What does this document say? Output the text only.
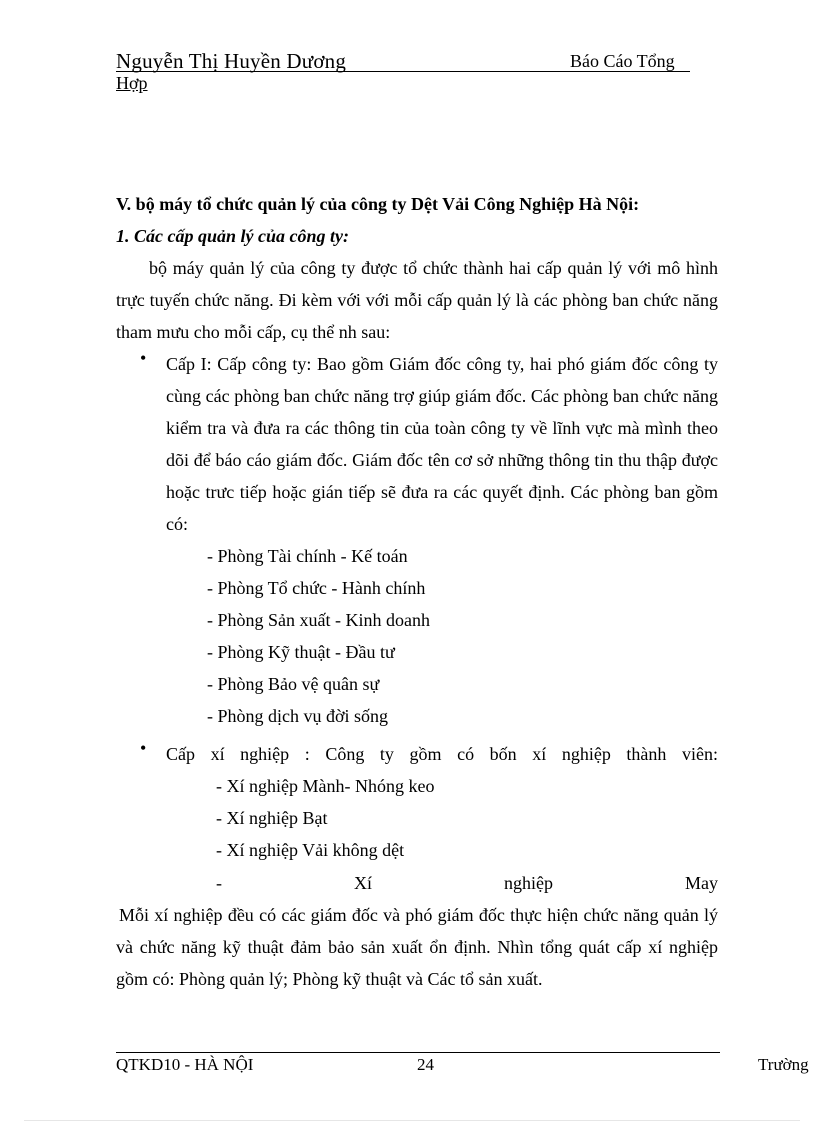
Nguyễn Thị Huyền Dương	Báo Cáo Tổng
Hợp
V. bộ máy tổ chức quản lý của công ty Dệt Vải Công Nghiệp Hà Nội:
1. Các cấp quản lý của công ty:
bộ máy quản lý của công ty được tổ chức thành hai cấp quản lý với mô hình trực tuyến chức năng. Đi kèm với với mỗi cấp quản lý là các phòng ban chức năng tham mưu cho mỗi cấp, cụ thể nh sau:
• Cấp I: Cấp công ty: Bao gồm Giám đốc công ty, hai phó giám đốc công ty cùng các phòng ban chức năng trợ giúp giám đốc. Các phòng ban chức năng kiểm tra và đưa ra các thông tin của toàn công ty về lĩnh vực mà mình theo dõi để báo cáo giám đốc. Giám đốc tên cơ sở những thông tin thu thập được hoặc trưc tiếp hoặc gián tiếp sẽ đưa ra các quyết định. Các phòng ban gồm có:
- Phòng Tài chính - Kế toán
- Phòng Tổ chức - Hành chính
- Phòng Sản xuất - Kinh doanh
- Phòng Kỹ thuật - Đầu tư
- Phòng Bảo vệ quân sự
- Phòng dịch vụ đời sống
• Cấp xí nghiệp : Công ty gồm có bốn xí nghiệp thành viên:
- Xí nghiệp Mành- Nhóng keo
- Xí nghiệp Bạt
- Xí nghiệp Vải không dệt
-	Xí	nghiệp	May
Mỗi xí nghiệp đều có các giám đốc và phó giám đốc thực hiện chức năng quản lý và chức năng kỹ thuật đảm bảo sản xuất ổn định. Nhìn tổng quát cấp xí nghiệp gồm có: Phòng quản lý; Phòng kỹ thuật và Các tổ sản xuất.
QTKD10 - HÀ NỘI	24	Trường
